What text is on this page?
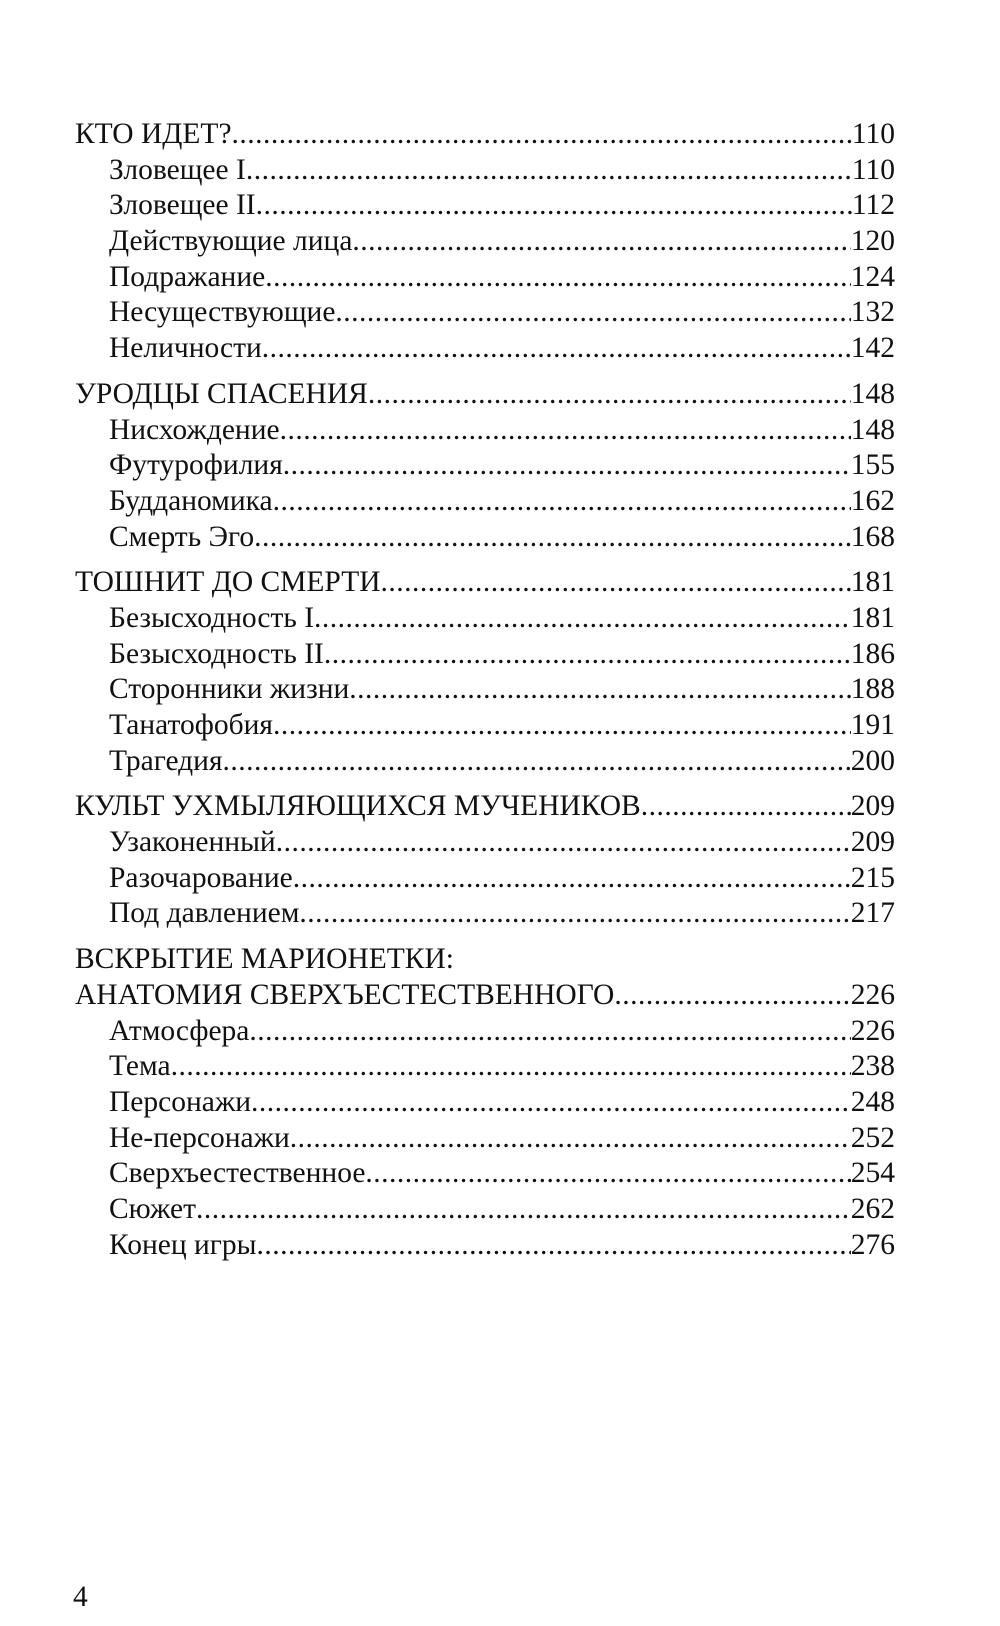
КТО ИДЕТ? .....	110
Зловещее I .....	110
Зловещее II .....	112
Действующие лица .....	120
Подражание .....	124
Несуществующие .....	132
Неличности .....	142
УРОДЦЫ СПАСЕНИЯ .....	148
Нисхождение .....	148
Футурофилия .....	155
Будданомика .....	162
Смерть Эго .....	168
ТОШНИТ ДО СМЕРТИ .....	181
Безысходность I .....	181
Безысходность II .....	186
Сторонники жизни .....	188
Танатофобия .....	191
Трагедия .....	200
КУЛЬТ УХМЫЛЯЮЩИХСЯ МУЧЕНИКОВ .....	209
Узаконенный .....	209
Разочарование .....	215
Под давлением .....	217
ВСКРЫТИЕ МАРИОНЕТКИ:
АНАТОМИЯ СВЕРХЪЕСТЕСТВЕННОГО .....	226
Атмосфера .....	226
Тема .....	238
Персонажи .....	248
Не-персонажи .....	252
Сверхъестественное .....	254
Сюжет .....	262
Конец игры .....	276
4
